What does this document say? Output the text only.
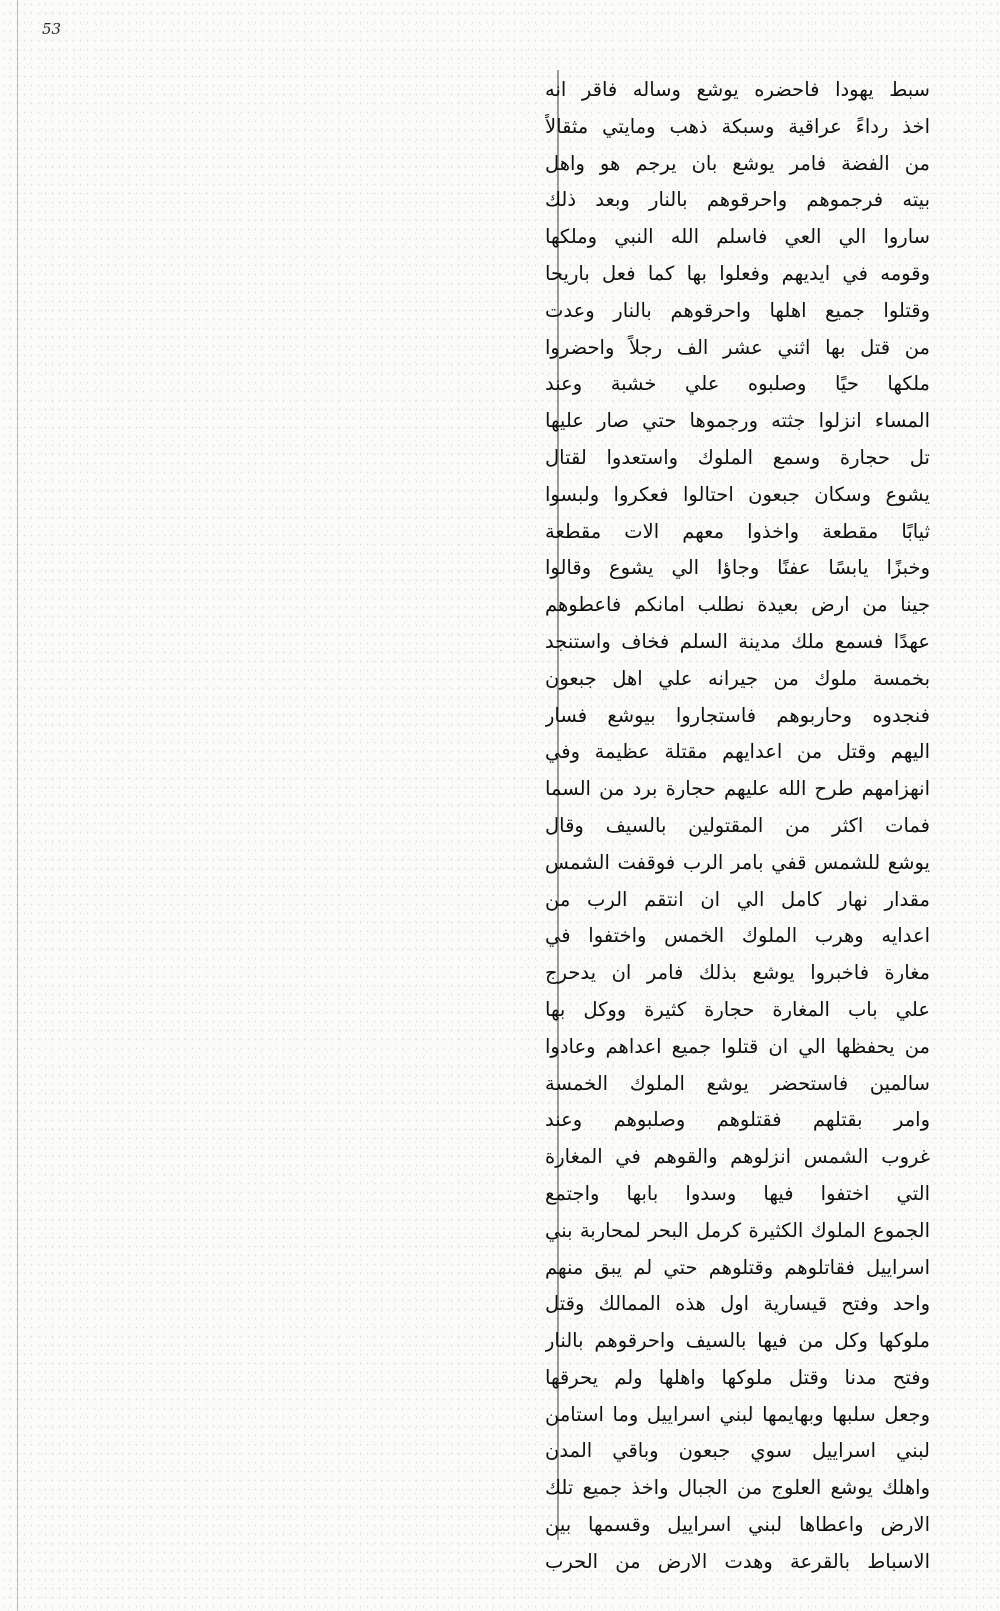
53
سبط يهودا فاحضره يوشع وساله فاقر انه
اخذ رداءً عراقية وسبكة ذهب ومايتي مثقالاً
من الفضة فامر يوشع بان يرجم هو واهل
بيته فرجموهم واحرقوهم بالنار وبعد ذلك
ساروا الي العي فاسلم الله النبي وملكها
وقومه في ايديهم وفعلوا بها كما فعل باريحا
وقتلوا جميع اهلها واحرقوهم بالنار وعدت
من قتل بها اثني عشر الف رجلاً واحضروا
ملكها حيًا وصلبوه علي خشبة وعند
المساء انزلوا جثته ورجموها حتي صار عليها
تل حجارة وسمع الملوك واستعدوا لقتال
يشوع وسكان جبعون احتالوا فعكروا ولبسوا
ثيابًا مقطعة واخذوا معهم الات مقطعة
وخبزًا يابسًا عفنًا وجاؤا الي يشوع وقالوا
جينا من ارض بعيدة نطلب امانكم فاعطوهم
عهدًا فسمع ملك مدينة السلم فخاف واستنجد
بخمسة ملوك من جيرانه علي اهل جبعون
فنجدوه وحاربوهم فاستجاروا بيوشع فسار
اليهم وقتل من اعدايهم مقتلة عظيمة وفي
انهزامهم طرح الله عليهم حجارة برد من السما
فمات اكثر من المقتولين بالسيف وقال
يوشع للشمس قفي بامر الرب فوقفت الشمس
مقدار نهار كامل الي ان انتقم الرب من
اعدايه وهرب الملوك الخمس واختفوا في
مغارة فاخبروا يوشع بذلك فامر ان يدحرج
علي باب المغارة حجارة كثيرة ووكل بها
من يحفظها الي ان قتلوا جميع اعداهم وعادوا
سالمين فاستحضر يوشع الملوك الخمسة
وامر بقتلهم فقتلوهم وصلبوهم وعند
غروب الشمس انزلوهم والقوهم في المغارة
التي اختفوا فيها وسدوا بابها واجتمع
الجموع الملوك الكثيرة كرمل البحر لمحاربة بني
اسراييل فقاتلوهم وقتلوهم حتي لم يبق منهم
واحد وفتح قيسارية اول هذه الممالك وقتل
ملوكها وكل من فيها بالسيف واحرقوهم بالنار
وفتح مدنا وقتل ملوكها واهلها ولم يحرقها
وجعل سلبها وبهايمها لبني اسراييل وما استامن
لبني اسراييل سوي جبعون وباقي المدن
واهلك يوشع العلوج من الجبال واخذ جميع تلك
الارض واعطاها لبني اسراييل وقسمها بين
الاسباط بالقرعة وهدت الارض من الحرب
